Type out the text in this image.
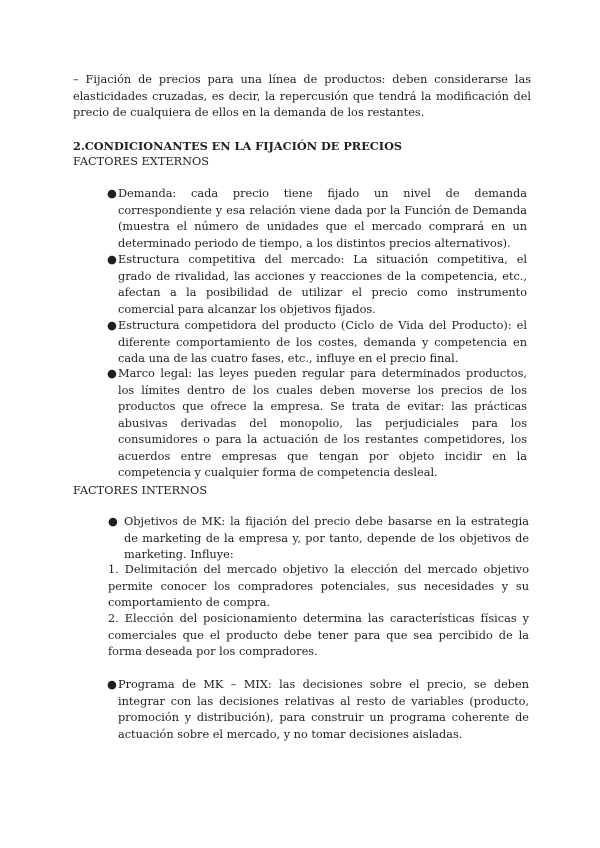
– Fijación de precios para una línea de productos: deben considerarse las elasticidades cruzadas, es decir, la repercusión que tendrá la modificación del precio de cualquiera de ellos en la demanda de los restantes.

2.CONDICIONANTES EN LA FIJACIÓN DE PRECIOS

FACTORES EXTERNOS

● Demanda: cada precio tiene fijado un nivel de demanda correspondiente y esa relación viene dada por la Función de Demanda (muestra el número de unidades que el mercado comprará en un determinado periodo de tiempo, a los distintos precios alternativos).

● Estructura competitiva del mercado: La situación competitiva, el grado de rivalidad, las acciones y reacciones de la competencia, etc., afectan a la posibilidad de utilizar el precio como instrumento comercial para alcanzar los objetivos fijados.

● Estructura competidora del producto (Ciclo de Vida del Producto): el diferente comportamiento de los costes, demanda y competencia en cada una de las cuatro fases, etc., influye en el precio final.

● Marco legal: las leyes pueden regular para determinados productos, los límites dentro de los cuales deben moverse los precios de los productos que ofrece la empresa. Se trata de evitar: las prácticas abusivas derivadas del monopolio, las perjudiciales para los consumidores o para la actuación de los restantes competidores, los acuerdos entre empresas que tengan por objeto incidir en la competencia y cualquier forma de competencia desleal.

FACTORES INTERNOS

● Objetivos de MK: la fijación del precio debe basarse en la estrategia de marketing de la empresa y, por tanto, depende de los objetivos de marketing. Influye:

1. Delimitación del mercado objetivo la elección del mercado objetivo permite conocer los compradores potenciales, sus necesidades y su comportamiento de compra.

2. Elección del posicionamiento determina las características físicas y comerciales que el producto debe tener para que sea percibido de la forma deseada por los compradores.

● Programa de MK – MIX: las decisiones sobre el precio, se deben integrar con las decisiones relativas al resto de variables (producto, promoción y distribución), para construir un programa coherente de actuación sobre el mercado, y no tomar decisiones aisladas.
